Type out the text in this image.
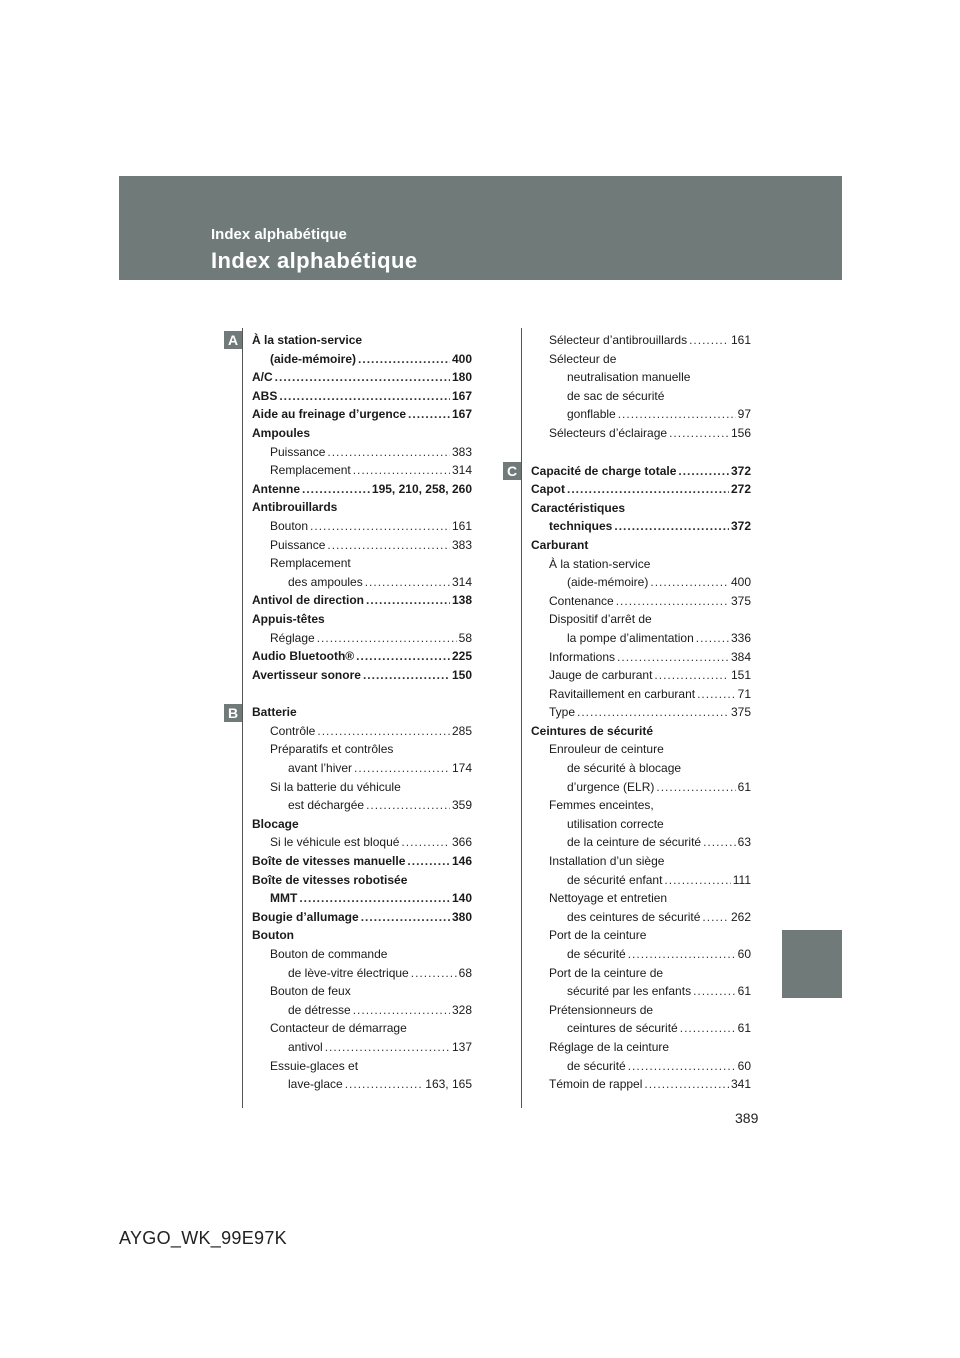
Index alphabétique
Index alphabétique
A
B
C
À la station-service
(aide-mémoire) .....	400
A/C .....	180
ABS .....	167
Aide au freinage d’urgence .....	167
Ampoules
Puissance .....	383
Remplacement .....	314
Antenne .....	195, 210, 258, 260
Antibrouillards
Bouton .....	161
Puissance .....	383
Remplacement
des ampoules .....	314
Antivol de direction .....	138
Appuis-têtes
Réglage .....	58
Audio Bluetooth® .....	225
Avertisseur sonore .....	150
Batterie
Contrôle .....	285
Préparatifs et contrôles
avant l’hiver .....	174
Si la batterie du véhicule
est déchargée .....	359
Blocage
Si le véhicule est bloqué .....	366
Boîte de vitesses manuelle .....	146
Boîte de vitesses robotisée
MMT .....	140
Bougie d’allumage .....	380
Bouton
Bouton de commande
de lève-vitre électrique .....	68
Bouton de feux
de détresse .....	328
Contacteur de démarrage
antivol .....	137
Essuie-glaces et
lave-glace .....	163, 165
Sélecteur d’antibrouillards .....	161
Sélecteur de
neutralisation manuelle
de sac de sécurité
gonflable .....	97
Sélecteurs d’éclairage .....	156
Capacité de charge totale .....	372
Capot .....	272
Caractéristiques
techniques .....	372
Carburant
À la station-service
(aide-mémoire) .....	400
Contenance .....	375
Dispositif d’arrêt de
la pompe d’alimentation .....	336
Informations .....	384
Jauge de carburant .....	151
Ravitaillement en carburant .....	71
Type .....	375
Ceintures de sécurité
Enrouleur de ceinture
de sécurité à blocage
d’urgence (ELR) .....	61
Femmes enceintes,
utilisation correcte
de la ceinture de sécurité .....	63
Installation d’un siège
de sécurité enfant .....	111
Nettoyage et entretien
des ceintures de sécurité .....	262
Port de la ceinture
de sécurité .....	60
Port de la ceinture de
sécurité par les enfants .....	61
Prétensionneurs de
ceintures de sécurité .....	61
Réglage de la ceinture
de sécurité .....	60
Témoin de rappel .....	341
389
AYGO_WK_99E97K
